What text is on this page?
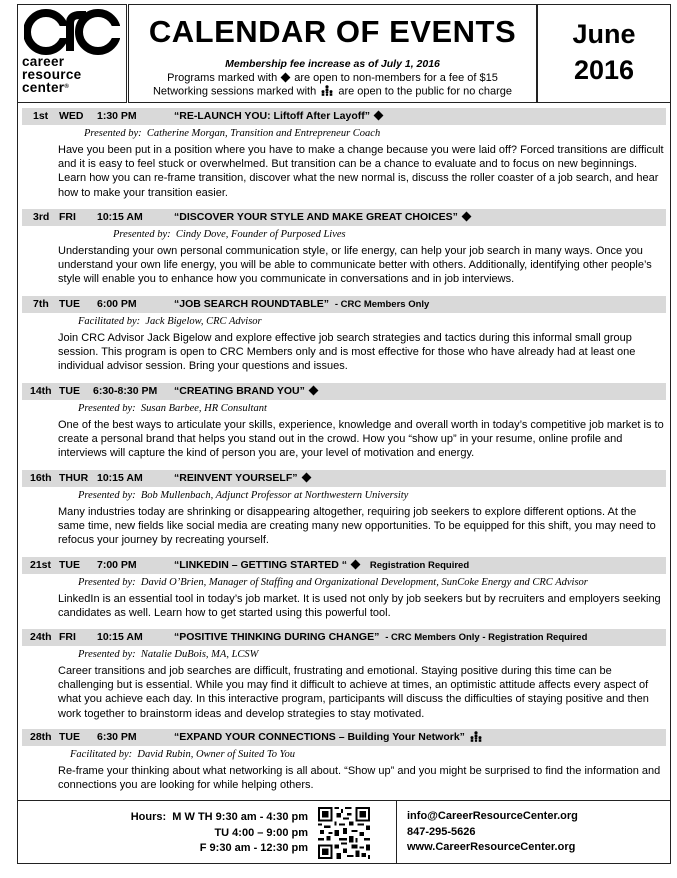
career
resource
center®
CALENDAR OF EVENTS
Membership fee increase as of July 1, 2016
Programs marked with are open to non-members for a fee of $15
Networking sessions marked with are open to the public for no charge
June
2016
1st WED 1:30 PM	“RE-LAUNCH YOU: Liftoff After Layoff”
Presented by: Catherine Morgan, Transition and Entrepreneur Coach
Have you been put in a position where you have to make a change because you were laid off? Forced transitions are difficult and it is easy to feel stuck or overwhelmed. But transition can be a chance to evaluate and to focus on new beginnings. Learn how you can re-frame transition, discover what the new normal is, discuss the roller coaster of a job search, and hear how to make your transition easier.
3rd FRI 10:15 AM	“DISCOVER YOUR STYLE AND MAKE GREAT CHOICES”
Presented by: Cindy Dove, Founder of Purposed Lives
Understanding your own personal communication style, or life energy, can help your job search in many ways. Once you understand your own life energy, you will be able to communicate better with others. Additionally, identifying other people’s style will enable you to enhance how you communicate in conversations and in job interviews.
7th TUE 6:00 PM	“JOB SEARCH ROUNDTABLE” - CRC Members Only
Facilitated by: Jack Bigelow, CRC Advisor
Join CRC Advisor Jack Bigelow and explore effective job search strategies and tactics during this informal small group session. This program is open to CRC Members only and is most effective for those who have already had at least one individual advisor session. Bring your questions and issues.
14th TUE 6:30-8:30 PM “CREATING BRAND YOU”
Presented by: Susan Barbee, HR Consultant
One of the best ways to articulate your skills, experience, knowledge and overall worth in today’s competitive job market is to create a personal brand that helps you stand out in the crowd. How you “show up” in your resume, online profile and interviews will capture the kind of person you are, your level of motivation and energy.
16th THUR 10:15 AM	“REINVENT YOURSELF”
Presented by: Bob Mullenbach, Adjunct Professor at Northwestern University
Many industries today are shrinking or disappearing altogether, requiring job seekers to explore different options. At the same time, new fields like social media are creating many new opportunities. To be equipped for this shift, you may need to refocus your journey by recreating yourself.
21st TUE 7:00 PM	“LINKEDIN – GETTING STARTED “ Registration Required
Presented by: David O’Brien, Manager of Staffing and Organizational Development, SunCoke Energy and CRC Advisor
LinkedIn is an essential tool in today’s job market. It is used not only by job seekers but by recruiters and employers seeking candidates as well. Learn how to get started using this powerful tool.
24th FRI 10:15 AM	“POSITIVE THINKING DURING CHANGE” - CRC Members Only - Registration Required
Presented by: Natalie DuBois, MA, LCSW
Career transitions and job searches are difficult, frustrating and emotional. Staying positive during this time can be challenging but is essential. While you may find it difficult to achieve at times, an optimistic attitude affects every aspect of what you achieve each day. In this interactive program, participants will discuss the difficulties of staying positive and then work together to brainstorm ideas and develop strategies to stay motivated.
28th TUE 6:30 PM	“EXPAND YOUR CONNECTIONS – Building Your Network”
Facilitated by: David Rubin, Owner of Suited To You
Re-frame your thinking about what networking is all about. “Show up” and you might be surprised to find the information and connections you are looking for while helping others.
Hours: M W TH 9:30 am - 4:30 pm
TU 4:00 – 9:00 pm
F 9:30 am - 12:30 pm
info@CareerResourceCenter.org
847-295-5626
www.CareerResourceCenter.org
